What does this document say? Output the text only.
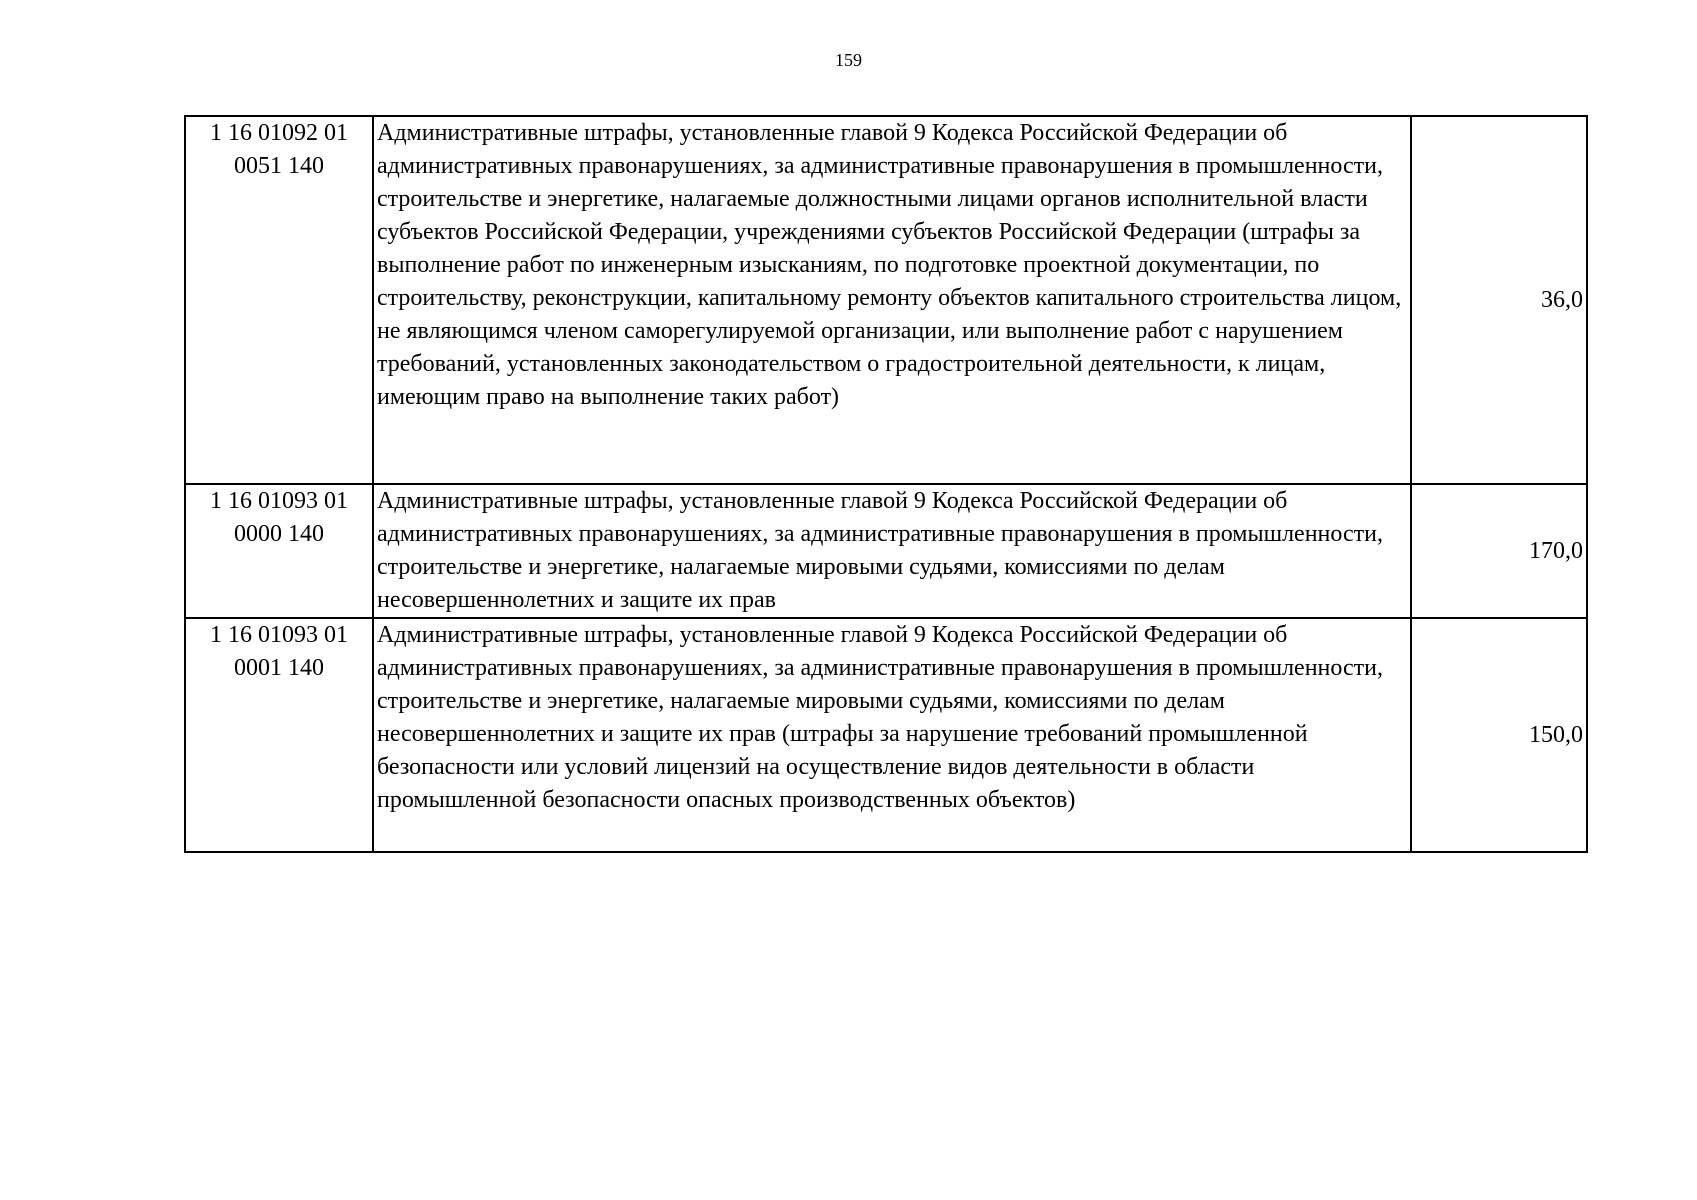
159
1 16 01092 01
0051 140	Административные штрафы, установленные главой 9 Кодекса Российской Федерации об административных правонарушениях, за административные правонарушения в промышленности, строительстве и энергетике, налагаемые должностными лицами органов исполнительной власти субъектов Российской Федерации, учреждениями субъектов Российской Федерации (штрафы за выполнение работ по инженерным изысканиям, по подготовке проектной документации, по строительству, реконструкции, капитальному ремонту объектов капитального строительства лицом, не являющимся членом саморегулируемой организации, или выполнение работ с нарушением требований, установленных законодательством о градостроительной деятельности, к лицам, имеющим право на выполнение таких работ)	36,0
1 16 01093 01
0000 140	Административные штрафы, установленные главой 9 Кодекса Российской Федерации об административных правонарушениях, за административные правонарушения в промышленности, строительстве и энергетике, налагаемые мировыми судьями, комиссиями по делам несовершеннолетних и защите их прав	170,0
1 16 01093 01
0001 140	Административные штрафы, установленные главой 9 Кодекса Российской Федерации об административных правонарушениях, за административные правонарушения в промышленности, строительстве и энергетике, налагаемые мировыми судьями, комиссиями по делам несовершеннолетних и защите их прав (штрафы за нарушение требований промышленной безопасности или условий лицензий на осуществление видов деятельности в области промышленной безопасности опасных производственных объектов)	150,0
